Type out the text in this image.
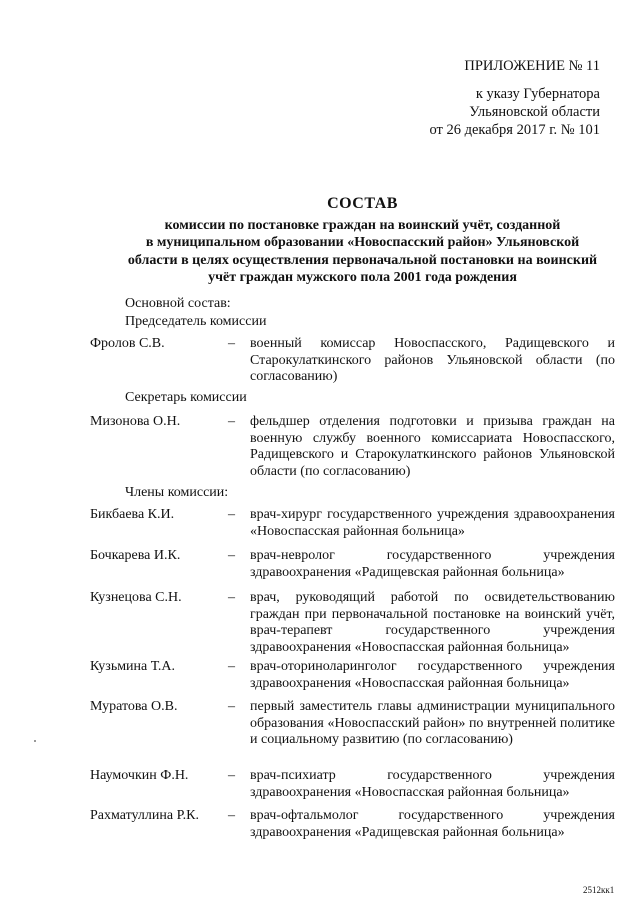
ПРИЛОЖЕНИЕ № 11
к указу Губернатора
Ульяновской области
от 26 декабря 2017 г. № 101
СОСТАВ
комиссии по постановке граждан на воинский учёт, созданной
в муниципальном образовании «Новоспасский район» Ульяновской
области в целях осуществления первоначальной постановки на воинский
учёт граждан мужского пола 2001 года рождения
Основной состав:
Председатель комиссии
Фролов С.В.	– военный комиссар Новоспасского, Радищевского и Старокулаткинского районов Ульяновской области (по согласованию)
Секретарь комиссии
Мизонова О.Н.	– фельдшер отделения подготовки и призыва граждан на военную службу военного комиссариата Новоспасского, Радищевского и Старокулаткинского районов Ульяновской области (по согласованию)
Члены комиссии:
Бикбаева К.И.	– врач-хирург государственного учреждения здравоохранения «Новоспасская районная больница»
Бочкарева И.К.	– врач-невролог государственного учреждения здравоохранения «Радищевская районная больница»
Кузнецова С.Н.	– врач, руководящий работой по освидетельствованию граждан при первоначальной постановке на воинский учёт, врач-терапевт государственного учреждения здравоохранения «Новоспасская районная больница»
Кузьмина Т.А.	– врач-оториноларинголог государственного учреждения здравоохранения «Новоспасская районная больница»
Муратова О.В.	– первый заместитель главы администрации муниципального образования «Новоспасский район» по внутренней политике и социальному развитию (по согласованию)
Наумочкин Ф.Н.	– врач-психиатр государственного учреждения здравоохранения «Новоспасская районная больница»
Рахматуллина Р.К.	– врач-офтальмолог государственного учреждения здравоохранения «Радищевская районная больница»
2512кк1
